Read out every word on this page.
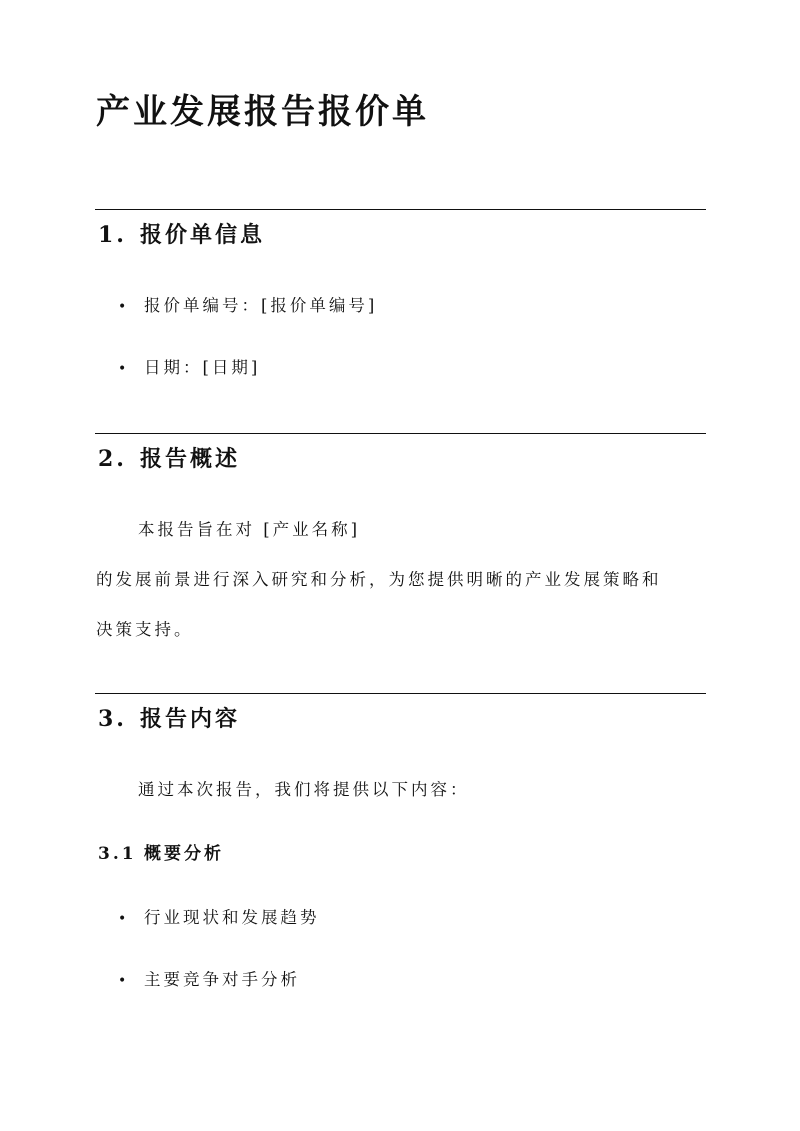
产业发展报告报价单
1. 报价单信息
• 报价单编号：[报价单编号]
• 日期：[日期]
2. 报告概述
本报告旨在对 [产业名称]
的发展前景进行深入研究和分析，为您提供明晰的产业发展策略和
决策支持。
3. 报告内容
通过本次报告，我们将提供以下内容：
3.1 概要分析
• 行业现状和发展趋势
• 主要竞争对手分析
